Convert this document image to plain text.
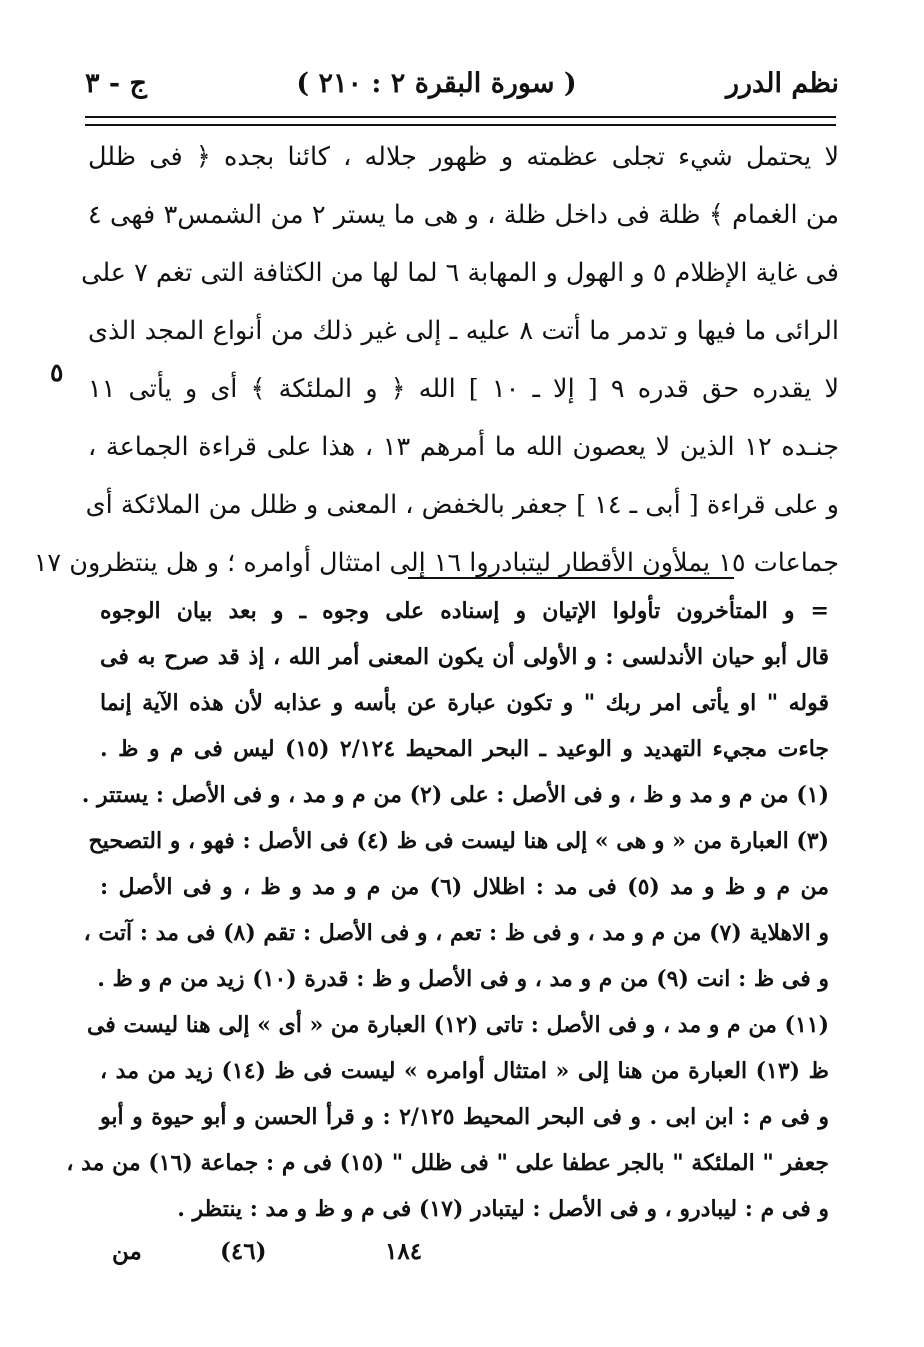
نظم الدرر
( سورة البقرة ٢ : ٢١٠ )
ج - ٣
لا يحتمل شيء تجلى عظمته و ظهور جلاله ، كائنا بجده ﴿ فى ظلل
من الغمام ﴾ ظلة فى داخل ظلة ، و هى ما يستر ٢ من الشمس٣ فهى ٤
فى غاية الإظلام ٥ و الهول و المهابة ٦ لما لها من الكثافة التى تغم ٧ على
الرائى ما فيها و تدمر ما أتت ٨ عليه ـ إلى غير ذلك من أنواع المجد الذى
لا يقدره حق قدره ٩ [ إلا ـ ١٠ ] الله ﴿ و الملئكة ﴾ أى و يأتى ١١
جنـده ١٢ الذين لا يعصون الله ما أمرهم ١٣ ، هذا على قراءة الجماعة ،
و على قراءة [ أبى ـ ١٤ ] جعفر بالخفض ، المعنى و ظلل من الملائكة أى
جماعات ١٥ يملأون الأقطار ليتبادروا ١٦ إلى امتثال أوامره ؛ و هل ينتظرون ١٧
٥
= و المتأخرون تأولوا الإتيان و إسناده على وجوه ـ و بعد بيان الوجوه
قال أبو حيان الأندلسى : و الأولى أن يكون المعنى أمر الله ، إذ قد صرح به فى
قوله " او يأتى امر ربك " و تكون عبارة عن بأسه و عذابه لأن هذه الآية إنما
جاءت مجيء التهديد و الوعيد ـ البحر المحيط ٢/١٢٤ (١٥) ليس فى م و ظ .
(١) من م و مد و ظ ، و فى الأصل : على (٢) من م و مد ، و فى الأصل : يستتر .
(٣) العبارة من « و هى » إلى هنا ليست فى ظ (٤) فى الأصل : فهو ، و التصحيح
من م و ظ و مد (٥) فى مد : اظلال (٦) من م و مد و ظ ، و فى الأصل :
و الاهلاية (٧) من م و مد ، و فى ظ : تعم ، و فى الأصل : تقم (٨) فى مد : آتت ،
و فى ظ : انت (٩) من م و مد ، و فى الأصل و ظ : قدرة (١٠) زيد من م و ظ .
(١١) من م و مد ، و فى الأصل : تاتى (١٢) العبارة من « أى » إلى هنا ليست فى
ظ (١٣) العبارة من هنا إلى « امتثال أوامره » ليست فى ظ (١٤) زيد من مد ،
و فى م : ابن ابى . و فى البحر المحيط ٢/١٢٥ : و قرأ الحسن و أبو حيوة و أبو
جعفر " الملئكة " بالجر عطفا على " فى ظلل " (١٥) فى م : جماعة (١٦) من مد ،
و فى م : ليبادرو ، و فى الأصل : ليتبادر (١٧) فى م و ظ و مد : ينتظر .
من	(٤٦)	١٨٤
